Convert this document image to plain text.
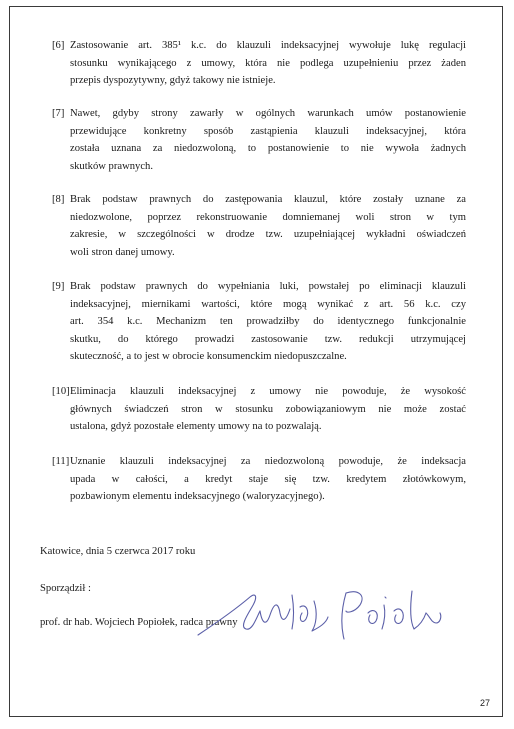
[6] Zastosowanie art. 385¹ k.c. do klauzuli indeksacyjnej wywołuje lukę regulacji
stosunku wynikającego z umowy, która nie podlega uzupełnieniu przez żaden
przepis dyspozytywny, gdyż takowy nie istnieje.
[7] Nawet, gdyby strony zawarły w ogólnych warunkach umów postanowienie
przewidujące konkretny sposób zastąpienia klauzuli indeksacyjnej, która
została uznana za niedozwoloną, to postanowienie to nie wywoła żadnych
skutków prawnych.
[8] Brak podstaw prawnych do zastępowania klauzul, które zostały uznane za
niedozwolone, poprzez rekonstruowanie domniemanej woli stron w tym
zakresie, w szczególności w drodze tzw. uzupełniającej wykładni oświadczeń
woli stron danej umowy.
[9] Brak podstaw prawnych do wypełniania luki, powstałej po eliminacji klauzuli
indeksacyjnej, miernikami wartości, które mogą wynikać z art. 56 k.c. czy
art. 354 k.c. Mechanizm ten prowadziłby do identycznego funkcjonalnie
skutku, do którego prowadzi zastosowanie tzw. redukcji utrzymującej
skuteczność, a to jest w obrocie konsumenckim niedopuszczalne.
[10] Eliminacja klauzuli indeksacyjnej z umowy nie powoduje, że wysokość
głównych świadczeń stron w stosunku zobowiązaniowym nie może zostać
ustalona, gdyż pozostałe elementy umowy na to pozwalają.
[11] Uznanie klauzuli indeksacyjnej za niedozwoloną powoduje, że indeksacja
upada w całości, a kredyt staje się tzw. kredytem złotówkowym,
pozbawionym elementu indeksacyjnego (waloryzacyjnego).
Katowice, dnia 5 czerwca 2017 roku
Sporządził :
prof. dr hab. Wojciech Popiołek, radca prawny
27
